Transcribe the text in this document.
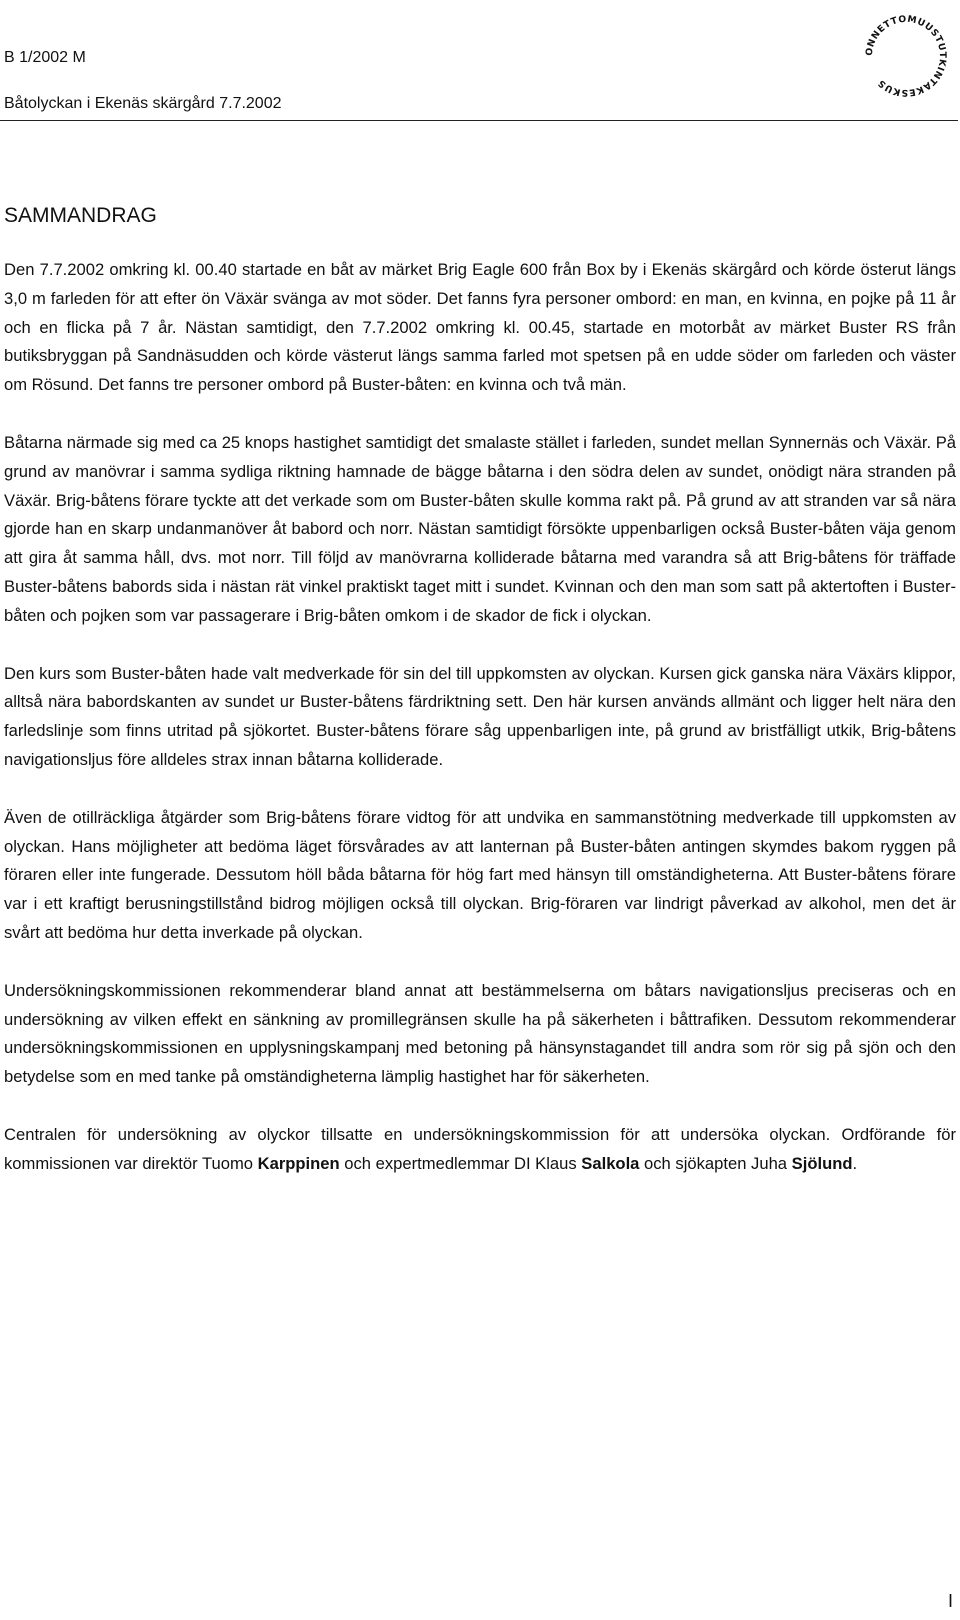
B 1/2002 M
Båtolyckan i Ekenäs skärgård 7.7.2002
ONNETTOMUUSTUTKINTAKESKUS
SAMMANDRAG

Den 7.7.2002 omkring kl. 00.40 startade en båt av märket Brig Eagle 600 från Box by i Ekenäs skärgård och körde österut längs 3,0 m farleden för att efter ön Växär svänga av mot söder. Det fanns fyra personer ombord: en man, en kvinna, en pojke på 11 år och en flicka på 7 år. Nästan samtidigt, den 7.7.2002 omkring kl. 00.45, startade en motorbåt av märket Buster RS från butiksbryggan på Sandnäsudden och körde västerut längs samma farled mot spetsen på en udde söder om farleden och väster om Rösund. Det fanns tre personer ombord på Buster-båten: en kvinna och två män.

Båtarna närmade sig med ca 25 knops hastighet samtidigt det smalaste stället i farleden, sundet mellan Synnernäs och Växär. På grund av manövrar i samma sydliga riktning hamnade de bägge båtarna i den södra delen av sundet, onödigt nära stranden på Växär. Brig-båtens förare tyckte att det verkade som om Buster-båten skulle komma rakt på. På grund av att stranden var så nära gjorde han en skarp undanmanöver åt babord och norr. Nästan samtidigt försökte uppenbarligen också Buster-båten väja genom att gira åt samma håll, dvs. mot norr. Till följd av manövrarna kolliderade båtarna med varandra så att Brig-båtens för träffade Buster-båtens babords sida i nästan rät vinkel praktiskt taget mitt i sundet. Kvinnan och den man som satt på aktertoften i Buster-båten och pojken som var passagerare i Brig-båten omkom i de skador de fick i olyckan.

Den kurs som Buster-båten hade valt medverkade för sin del till uppkomsten av olyckan. Kursen gick ganska nära Växärs klippor, alltså nära babordskanten av sundet ur Buster-båtens färdriktning sett. Den här kursen används allmänt och ligger helt nära den farledslinje som finns utritad på sjökortet. Buster-båtens förare såg uppenbarligen inte, på grund av bristfälligt utkik, Brig-båtens navigationsljus före alldeles strax innan båtarna kolliderade.

Även de otillräckliga åtgärder som Brig-båtens förare vidtog för att undvika en sammanstötning medverkade till uppkomsten av olyckan. Hans möjligheter att bedöma läget försvårades av att lanternan på Buster-båten antingen skymdes bakom ryggen på föraren eller inte fungerade. Dessutom höll båda båtarna för hög fart med hänsyn till omständigheterna. Att Buster-båtens förare var i ett kraftigt berusningstillstånd bidrog möjligen också till olyckan. Brig-föraren var lindrigt påverkad av alkohol, men det är svårt att bedöma hur detta inverkade på olyckan.

Undersökningskommissionen rekommenderar bland annat att bestämmelserna om båtars navigationsljus preciseras och en undersökning av vilken effekt en sänkning av promillegränsen skulle ha på säkerheten i båttrafiken. Dessutom rekommenderar undersökningskommissionen en upplysningskampanj med betoning på hänsynstagandet till andra som rör sig på sjön och den betydelse som en med tanke på omständigheterna lämplig hastighet har för säkerheten.

Centralen för undersökning av olyckor tillsatte en undersökningskommission för att undersöka olyckan. Ordförande för kommissionen var direktör Tuomo Karppinen och expertmedlemmar DI Klaus Salkola och sjökapten Juha Sjölund.

I
